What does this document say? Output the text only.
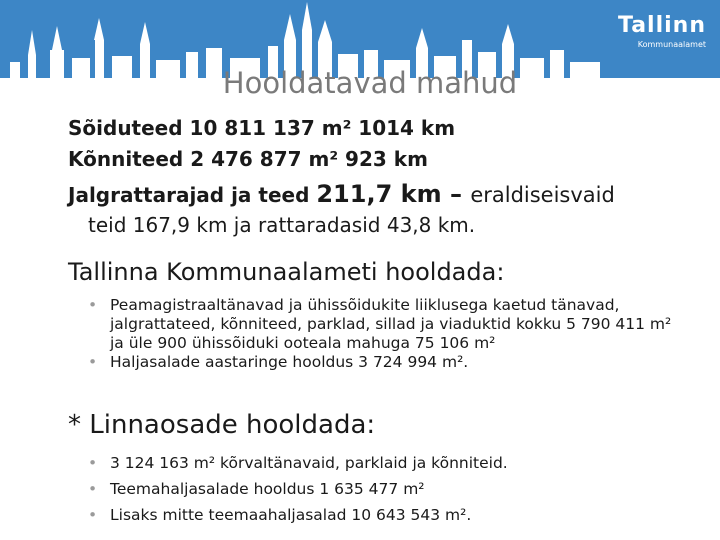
Tallinn
Kommunaalamet
Hooldatavad mahud
Sõiduteed 10 811 137 m² 1014 km
Kõnniteed 2 476 877 m² 923 km
Jalgrattarajad ja teed 211,7 km – eraldiseisvaid
teid 167,9 km ja rattaradasid 43,8 km.
Tallinna Kommunaalameti hooldada:
• Peamagistraaltänavad ja ühissõidukite liiklusega kaetud tänavad, jalgrattateed, kõnniteed, parklad, sillad ja viaduktid kokku 5 790 411 m² ja üle 900 ühissõiduki ooteala mahuga 75 106 m²
• Haljasalade aastaringe hooldus 3 724 994 m².
* Linnaosade hooldada:
• 3 124 163 m² kõrvaltänavaid, parklaid ja kõnniteid.
• Teemahaljasalade hooldus 1 635 477 m²
• Lisaks mitte teemaahaljasalad 10 643 543 m².
